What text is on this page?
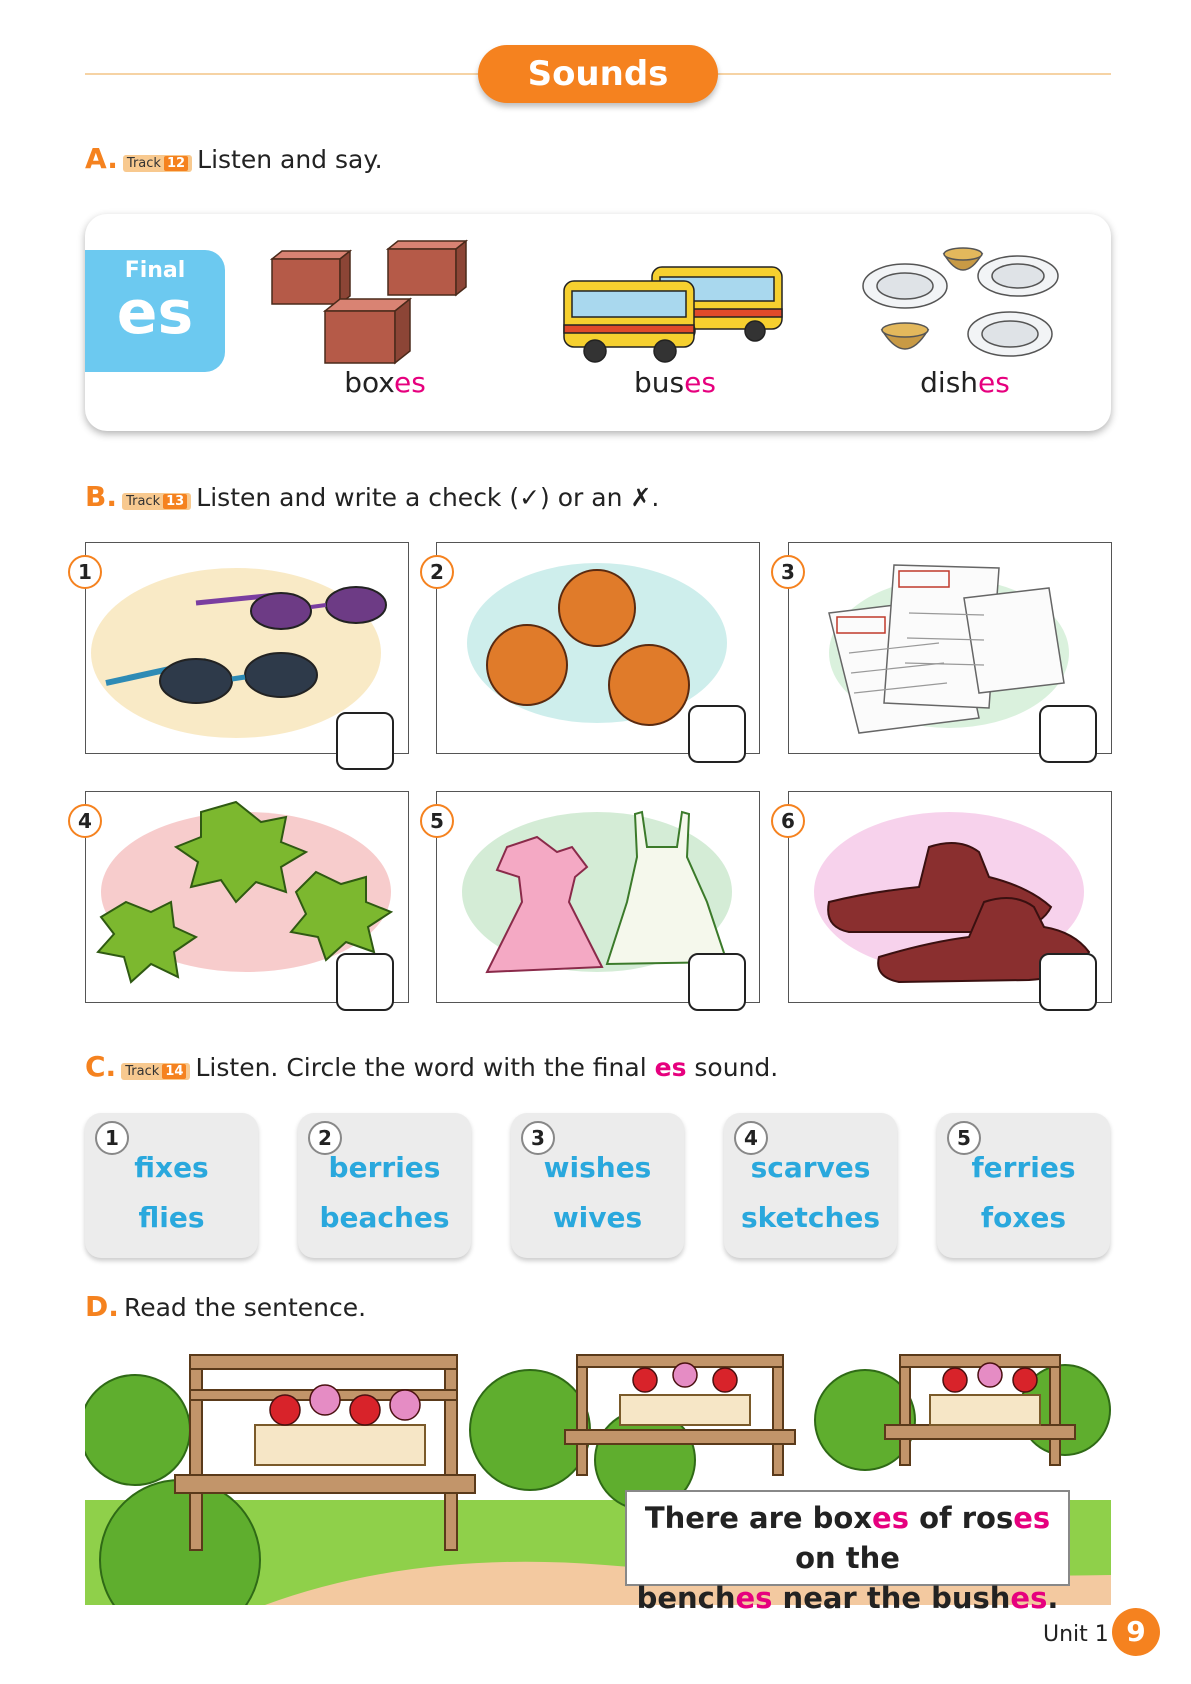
Sounds
A. Track 12 Listen and say.
Final
es
boxes	buses	dishes
B. Track 13 Listen and write a check (✓) or an ✗.
1	2	3
4	5	6
C. Track 14 Listen. Circle the word with the final es sound.
1
fixes
flies
2
berries
beaches
3
wishes
wives
4
scarves
sketches
5
ferries
foxes
D. Read the sentence.
There are boxes of roses on the
benches near the bushes.
Unit 1 9
